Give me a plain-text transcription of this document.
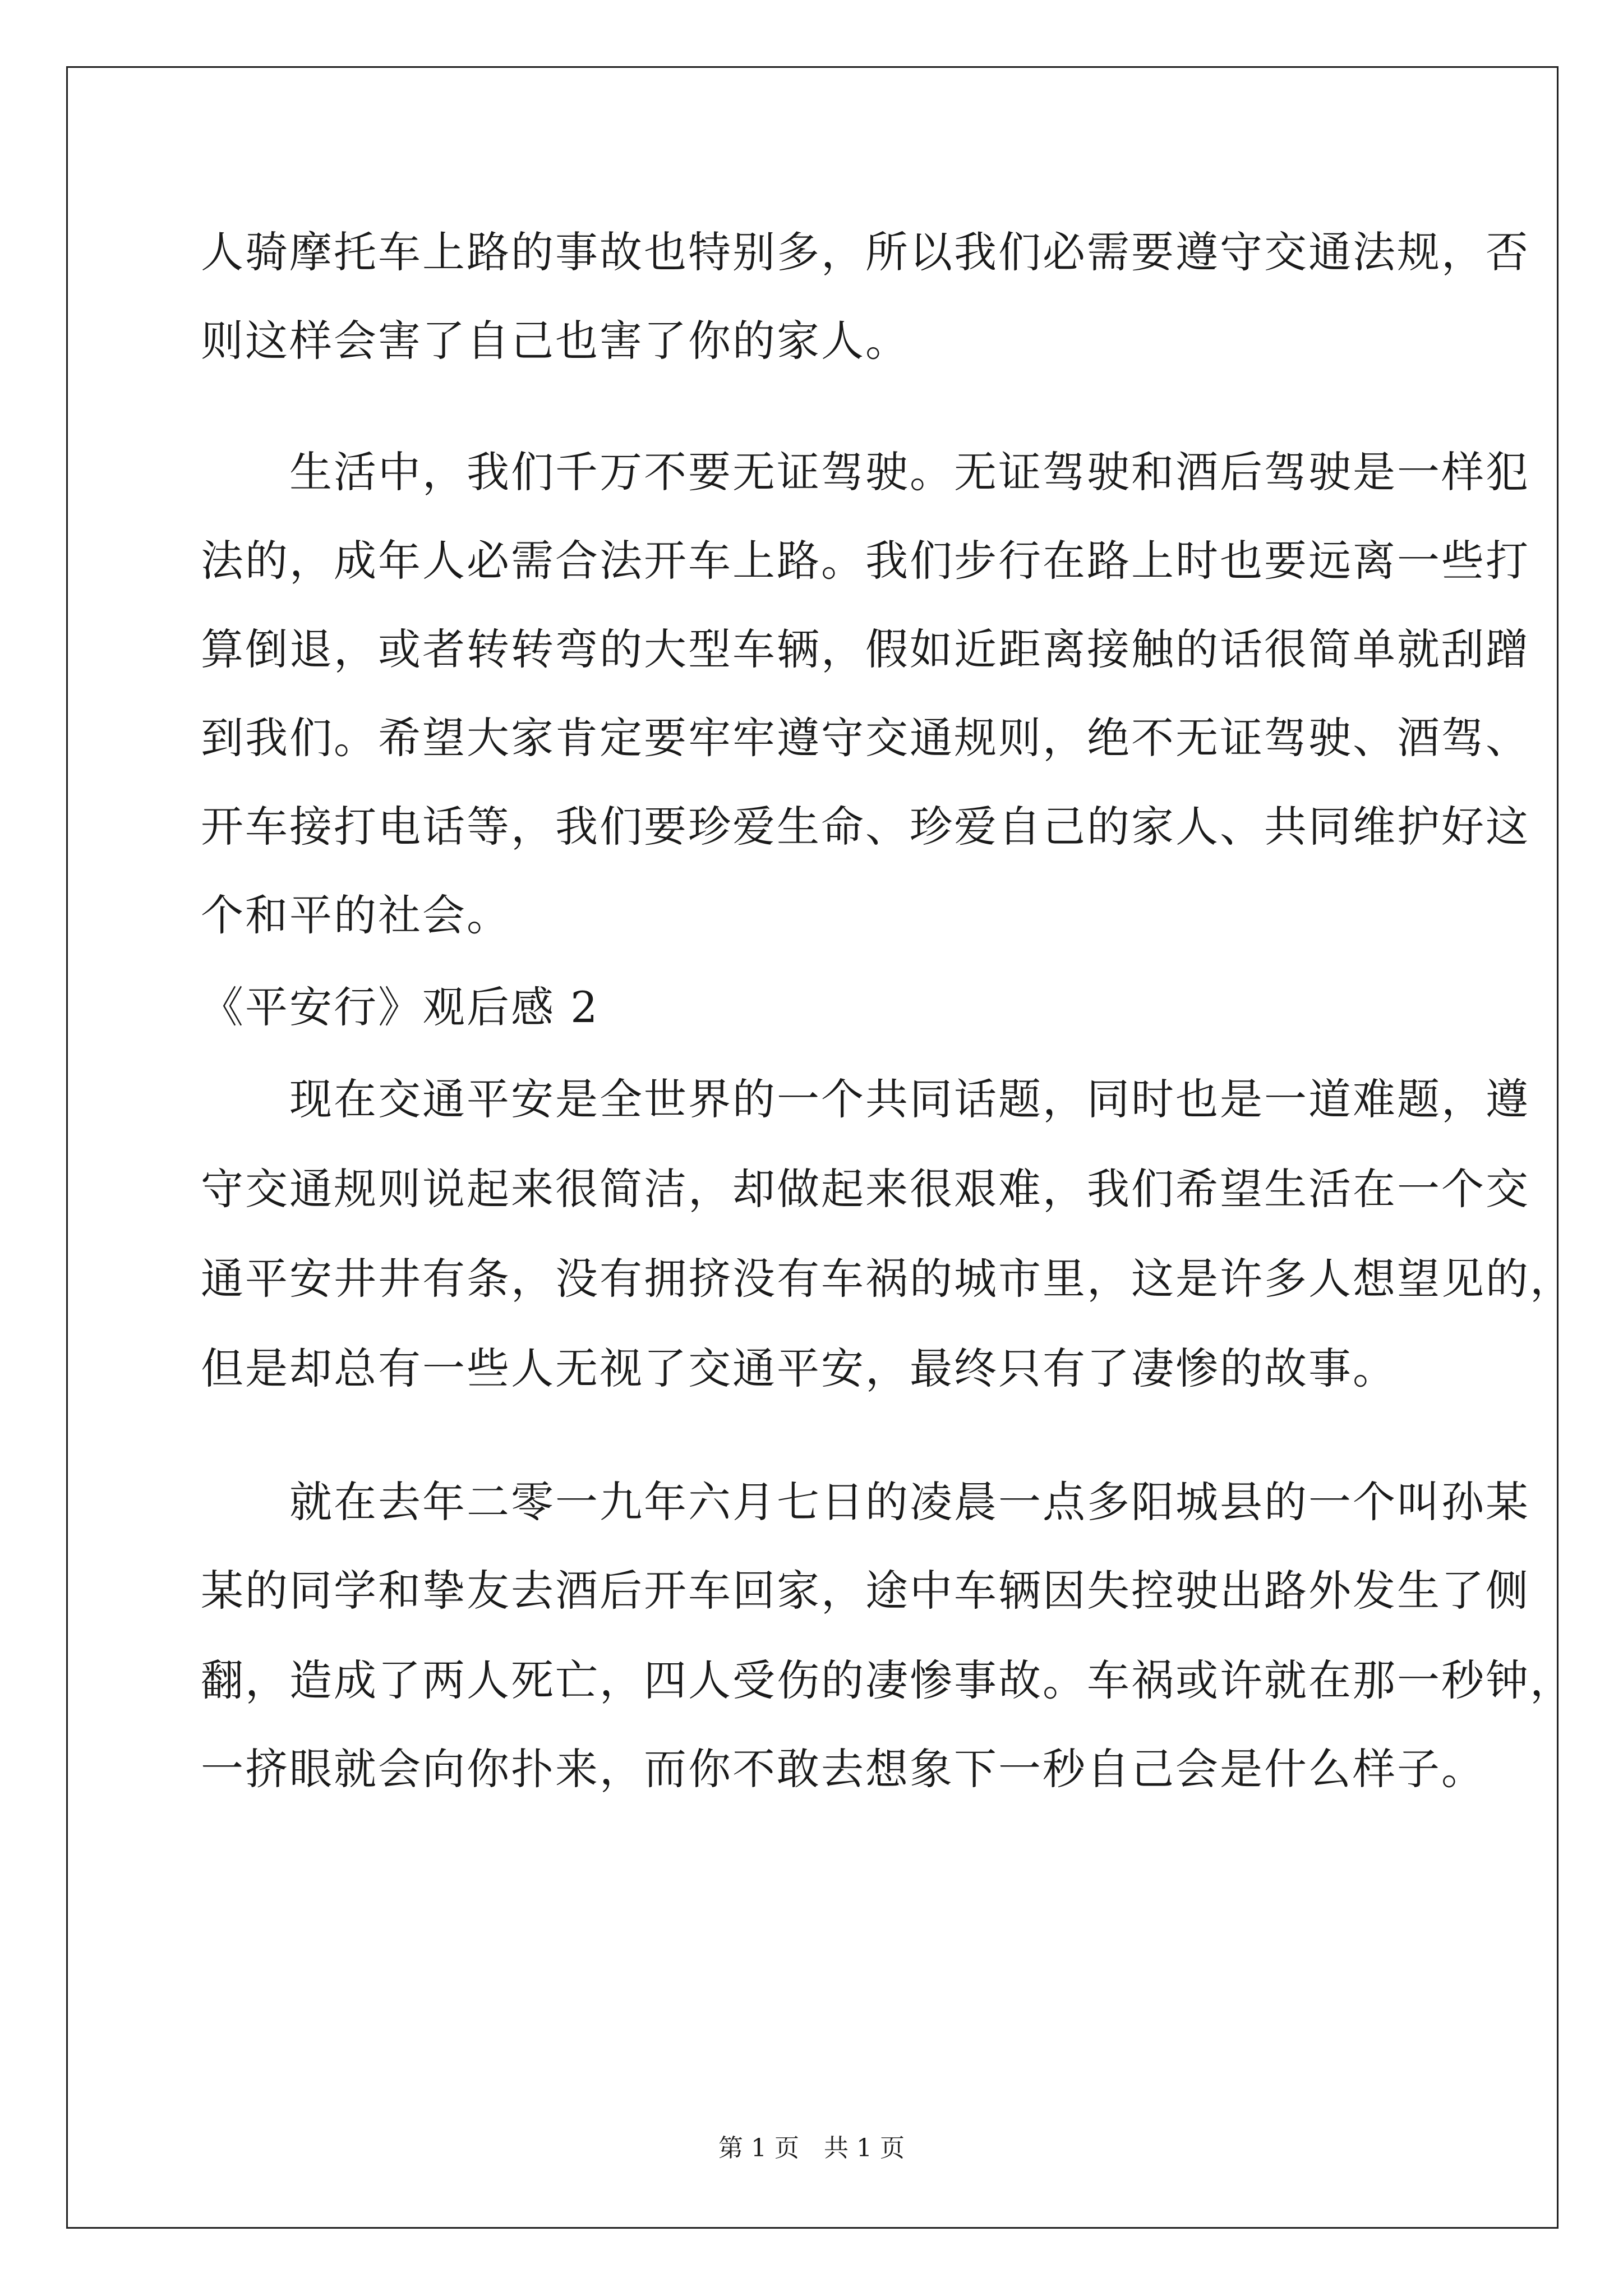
人骑摩托车上路的事故也特别多，所以我们必需要遵守交通法规，否
则这样会害了自己也害了你的家人。
　　生活中，我们千万不要无证驾驶。无证驾驶和酒后驾驶是一样犯
法的，成年人必需合法开车上路。我们步行在路上时也要远离一些打
算倒退，或者转转弯的大型车辆，假如近距离接触的话很简单就刮蹭
到我们。希望大家肯定要牢牢遵守交通规则，绝不无证驾驶、酒驾、
开车接打电话等，我们要珍爱生命、珍爱自己的家人、共同维护好这
个和平的社会。
《平安行》观后感 2
　　现在交通平安是全世界的一个共同话题，同时也是一道难题，遵
守交通规则说起来很简洁，却做起来很艰难，我们希望生活在一个交
通平安井井有条，没有拥挤没有车祸的城市里，这是许多人想望见的，
但是却总有一些人无视了交通平安，最终只有了凄惨的故事。
　　就在去年二零一九年六月七日的凌晨一点多阳城县的一个叫孙某
某的同学和挚友去酒后开车回家，途中车辆因失控驶出路外发生了侧
翻，造成了两人死亡，四人受伤的凄惨事故。车祸或许就在那一秒钟，
一挤眼就会向你扑来，而你不敢去想象下一秒自己会是什么样子。
第 1 页　共 1 页
